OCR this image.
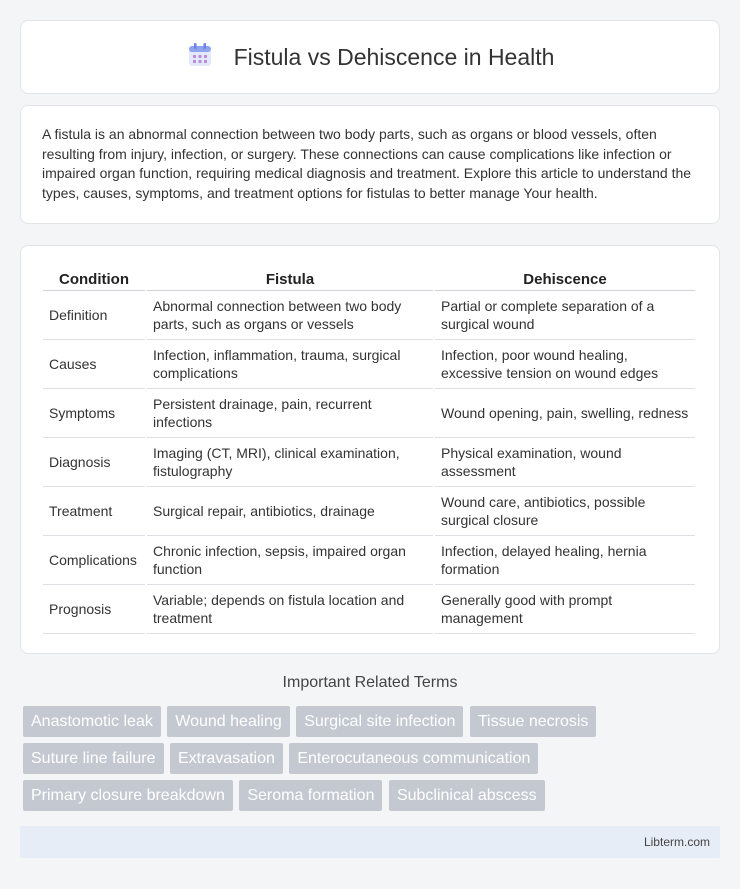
Fistula vs Dehiscence in Health

A fistula is an abnormal connection between two body parts, such as organs or blood vessels, often resulting from injury, infection, or surgery. These connections can cause complications like infection or impaired organ function, requiring medical diagnosis and treatment. Explore this article to understand the types, causes, symptoms, and treatment options for fistulas to better manage Your health.

Condition	Fistula	Dehiscence
Definition	Abnormal connection between two body parts, such as organs or vessels	Partial or complete separation of a surgical wound
Causes	Infection, inflammation, trauma, surgical complications	Infection, poor wound healing, excessive tension on wound edges
Symptoms	Persistent drainage, pain, recurrent infections	Wound opening, pain, swelling, redness
Diagnosis	Imaging (CT, MRI), clinical examination, fistulography	Physical examination, wound assessment
Treatment	Surgical repair, antibiotics, drainage	Wound care, antibiotics, possible surgical closure
Complications	Chronic infection, sepsis, impaired organ function	Infection, delayed healing, hernia formation
Prognosis	Variable; depends on fistula location and treatment	Generally good with prompt management
Important Related Terms
Anastomotic leak Wound healing Surgical site infection Tissue necrosis
Suture line failure Extravasation Enterocutaneous communication
Primary closure breakdown Seroma formation Subclinical abscess
Libterm.com
